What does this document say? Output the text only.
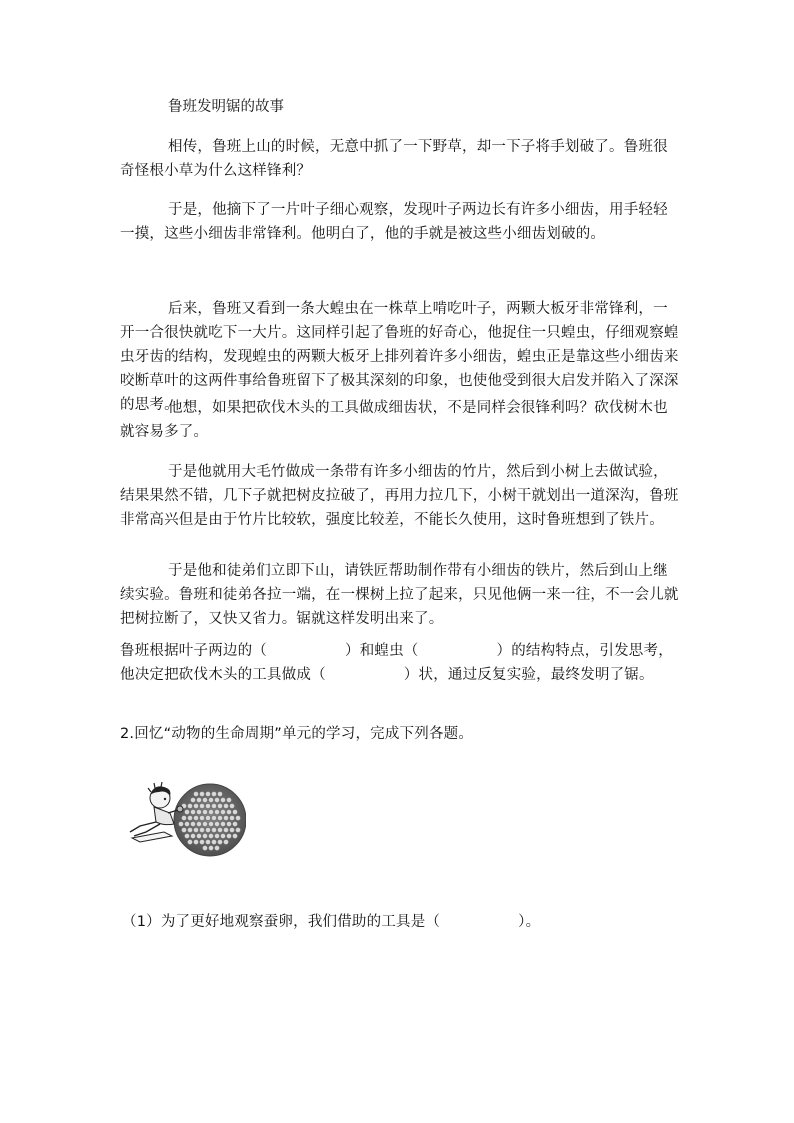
鲁班发明锯的故事

相传，鲁班上山的时候，无意中抓了一下野草，却一下子将手划破了。鲁班很奇怪根小草为什么这样锋利？

于是，他摘下了一片叶子细心观察，发现叶子两边长有许多小细齿，用手轻轻一摸，这些小细齿非常锋利。他明白了，他的手就是被这些小细齿划破的。

后来，鲁班又看到一条大蝗虫在一株草上啃吃叶子，两颗大板牙非常锋利，一开一合很快就吃下一大片。这同样引起了鲁班的好奇心，他捉住一只蝗虫，仔细观察蝗虫牙齿的结构，发现蝗虫的两颗大板牙上排列着许多小细齿，蝗虫正是靠这些小细齿来咬断草叶的这两件事给鲁班留下了极其深刻的印象，也使他受到很大启发并陷入了深深的思考。

他想，如果把砍伐木头的工具做成细齿状，不是同样会很锋利吗？砍伐树木也就容易多了。

于是他就用大毛竹做成一条带有许多小细齿的竹片，然后到小树上去做试验，结果果然不错，几下子就把树皮拉破了，再用力拉几下，小树干就划出一道深沟，鲁班非常高兴但是由于竹片比较软，强度比较差，不能长久使用，这时鲁班想到了铁片。

于是他和徒弟们立即下山，请铁匠帮助制作带有小细齿的铁片，然后到山上继续实验。鲁班和徒弟各拉一端，在一棵树上拉了起来，只见他俩一来一往，不一会儿就把树拉断了，又快又省力。锯就这样发明出来了。

鲁班根据叶子两边的（	）和蝗虫（	）的结构特点，引发思考，他决定把砍伐木头的工具做成（	）状，通过反复实验，最终发明了锯。

2.回忆“动物的生命周期”单元的学习，完成下列各题。

（1）为了更好地观察蚕卵，我们借助的工具是（	）。
